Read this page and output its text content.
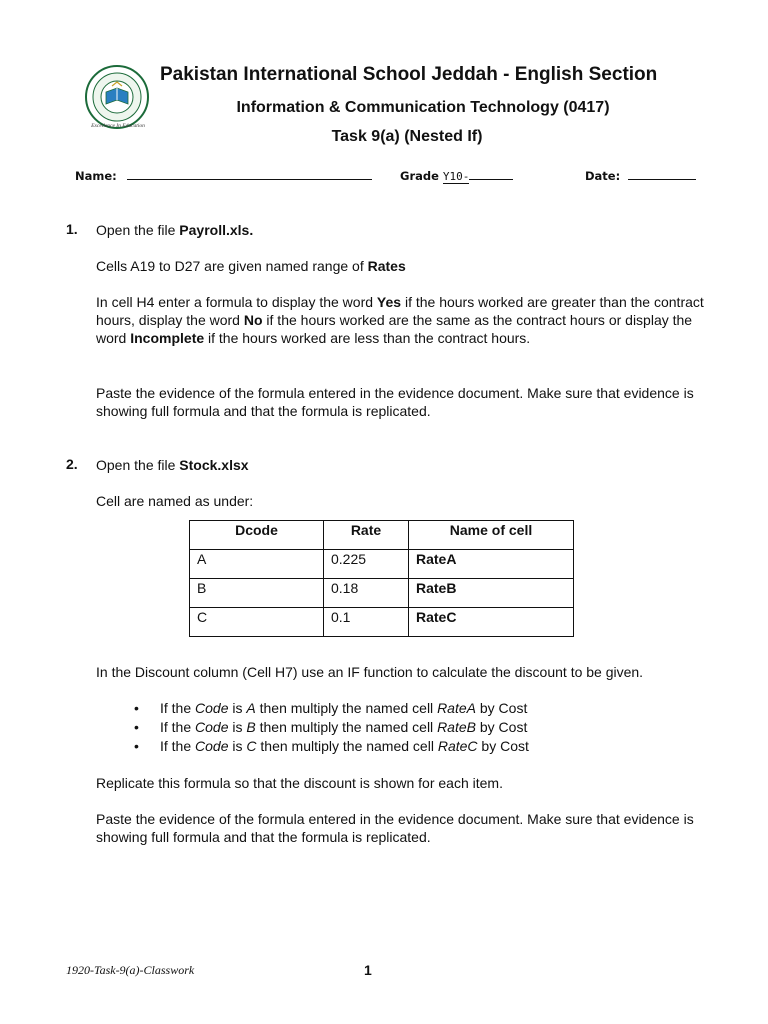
Excellence In Education
Pakistan International School Jeddah - English Section
Information & Communication Technology (0417)
Task 9(a) (Nested If)
Name:	Grade Y10-	Date:
1. Open the file Payroll.xls.
Cells A19 to D27 are given named range of Rates
In cell H4 enter a formula to display the word Yes if the hours worked are greater than the contract hours, display the word No if the hours worked are the same as the contract hours or display the word Incomplete if the hours worked are less than the contract hours.
Paste the evidence of the formula entered in the evidence document. Make sure that evidence is showing full formula and that the formula is replicated.
2. Open the file Stock.xlsx
Cell are named as under:
Dcode	Rate	Name of cell
A	0.225	RateA
B	0.18	RateB
C	0.1	RateC
In the Discount column (Cell H7) use an IF function to calculate the discount to be given.
• If the Code is A then multiply the named cell RateA by Cost
• If the Code is B then multiply the named cell RateB by Cost
• If the Code is C then multiply the named cell RateC by Cost
Replicate this formula so that the discount is shown for each item.
Paste the evidence of the formula entered in the evidence document. Make sure that evidence is showing full formula and that the formula is replicated.
1920-Task-9(a)-Classwork	1
